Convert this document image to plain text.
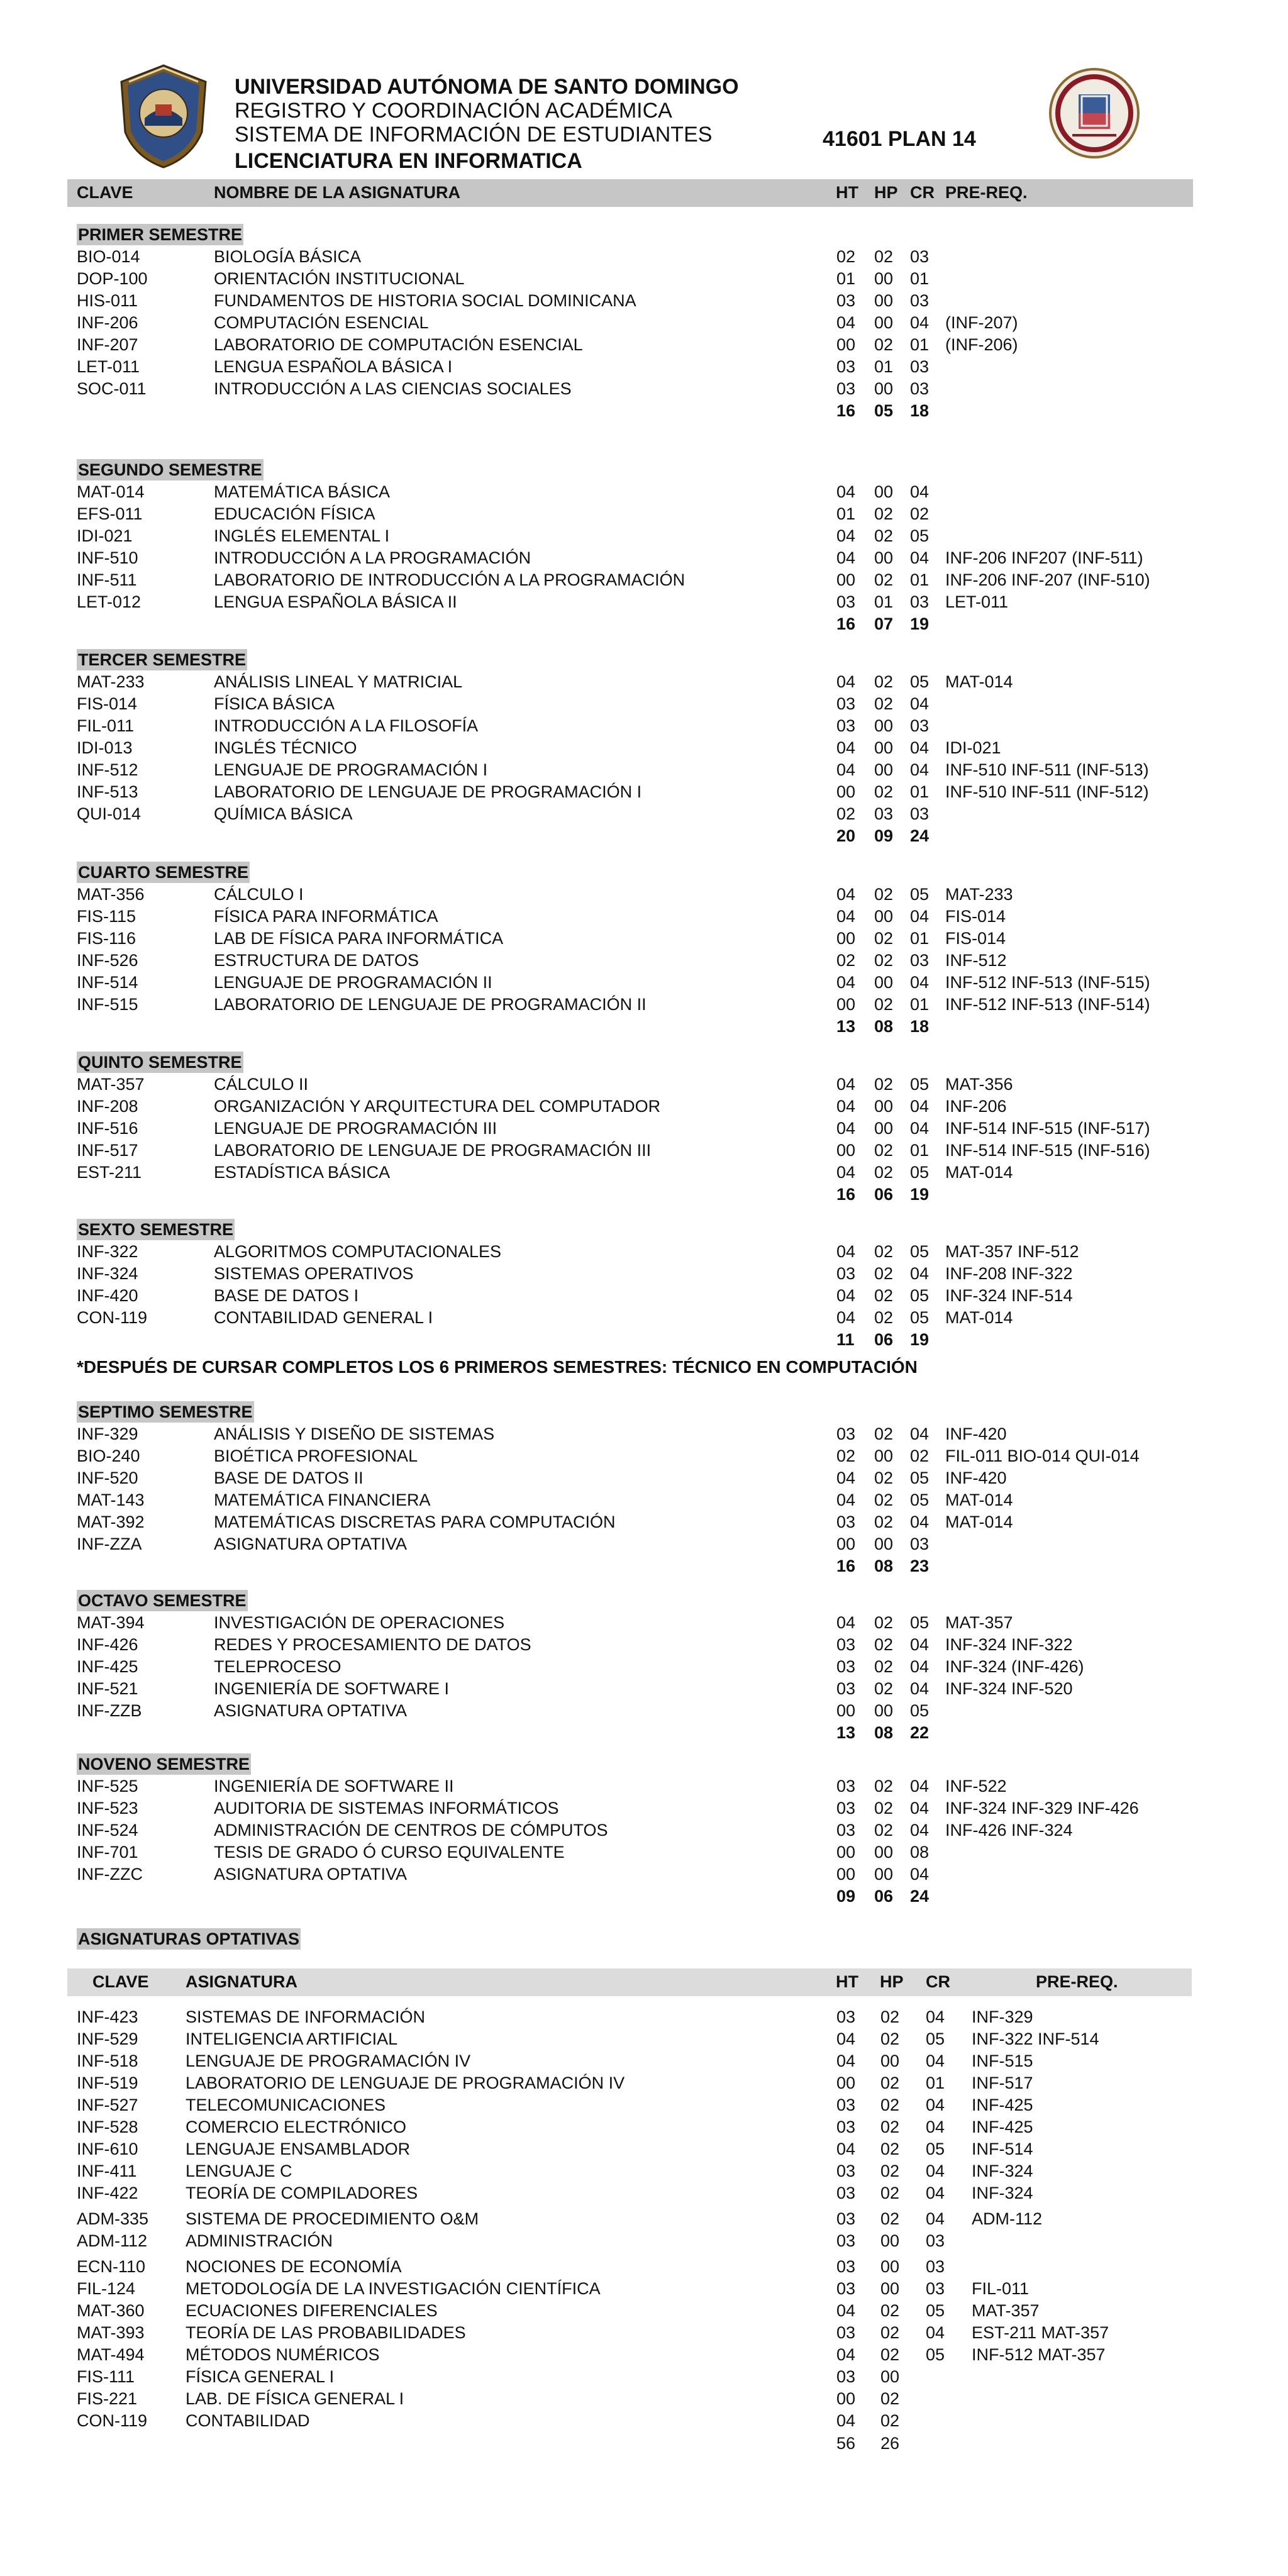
UNIVERSIDAD AUTÓNOMA DE SANTO DOMINGO
REGISTRO Y COORDINACIÓN ACADÉMICA
SISTEMA DE INFORMACIÓN DE ESTUDIANTES
LICENCIATURA EN INFORMATICA
41601 PLAN 14
CLAVE	NOMBRE DE LA ASIGNATURA	HT HP CR PRE-REQ.
PRIMER SEMESTRE
BIO-014	BIOLOGÍA BÁSICA	02 02 03
DOP-100	ORIENTACIÓN INSTITUCIONAL	01 00 01
HIS-011	FUNDAMENTOS DE HISTORIA SOCIAL DOMINICANA	03 00 03
INF-206	COMPUTACIÓN ESENCIAL	04 00 04 (INF-207)
INF-207	LABORATORIO DE COMPUTACIÓN ESENCIAL	00 02 01 (INF-206)
LET-011	LENGUA ESPAÑOLA BÁSICA I	03 01 03
SOC-011	INTRODUCCIÓN A LAS CIENCIAS SOCIALES	03 00 03
16 05 18
SEGUNDO SEMESTRE
MAT-014	MATEMÁTICA BÁSICA	04 00 04
EFS-011	EDUCACIÓN FÍSICA	01 02 02
IDI-021	INGLÉS ELEMENTAL I	04 02 05
INF-510	INTRODUCCIÓN A LA PROGRAMACIÓN	04 00 04 INF-206 INF207 (INF-511)
INF-511	LABORATORIO DE INTRODUCCIÓN A LA PROGRAMACIÓN	00 02 01 INF-206 INF-207 (INF-510)
LET-012	LENGUA ESPAÑOLA BÁSICA II	03 01 03 LET-011
16 07 19
TERCER SEMESTRE
MAT-233	ANÁLISIS LINEAL Y MATRICIAL	04 02 05 MAT-014
FIS-014	FÍSICA BÁSICA	03 02 04
FIL-011	INTRODUCCIÓN A LA FILOSOFÍA	03 00 03
IDI-013	INGLÉS TÉCNICO	04 00 04 IDI-021
INF-512	LENGUAJE DE PROGRAMACIÓN I	04 00 04 INF-510 INF-511 (INF-513)
INF-513	LABORATORIO DE LENGUAJE DE PROGRAMACIÓN I	00 02 01 INF-510 INF-511 (INF-512)
QUI-014	QUÍMICA BÁSICA	02 03 03
20 09 24
CUARTO SEMESTRE
MAT-356	CÁLCULO I	04 02 05 MAT-233
FIS-115	FÍSICA PARA INFORMÁTICA	04 00 04 FIS-014
FIS-116	LAB DE FÍSICA PARA INFORMÁTICA	00 02 01 FIS-014
INF-526	ESTRUCTURA DE DATOS	02 02 03 INF-512
INF-514	LENGUAJE DE PROGRAMACIÓN II	04 00 04 INF-512 INF-513 (INF-515)
INF-515	LABORATORIO DE LENGUAJE DE PROGRAMACIÓN II	00 02 01 INF-512 INF-513 (INF-514)
13 08 18
QUINTO SEMESTRE
MAT-357	CÁLCULO II	04 02 05 MAT-356
INF-208	ORGANIZACIÓN Y ARQUITECTURA DEL COMPUTADOR	04 00 04 INF-206
INF-516	LENGUAJE DE PROGRAMACIÓN III	04 00 04 INF-514 INF-515 (INF-517)
INF-517	LABORATORIO DE LENGUAJE DE PROGRAMACIÓN III	00 02 01 INF-514 INF-515 (INF-516)
EST-211	ESTADÍSTICA BÁSICA	04 02 05 MAT-014
16 06 19
SEXTO SEMESTRE
INF-322	ALGORITMOS COMPUTACIONALES	04 02 05 MAT-357 INF-512
INF-324	SISTEMAS OPERATIVOS	03 02 04 INF-208 INF-322
INF-420	BASE DE DATOS I	04 02 05 INF-324 INF-514
CON-119	CONTABILIDAD GENERAL I	04 02 05 MAT-014
11 06 19
SEPTIMO SEMESTRE
INF-329	ANÁLISIS Y DISEÑO DE SISTEMAS	03 02 04 INF-420
BIO-240	BIOÉTICA PROFESIONAL	02 00 02 FIL-011 BIO-014 QUI-014
INF-520	BASE DE DATOS II	04 02 05 INF-420
MAT-143	MATEMÁTICA FINANCIERA	04 02 05 MAT-014
MAT-392	MATEMÁTICAS DISCRETAS PARA COMPUTACIÓN	03 02 04 MAT-014
INF-ZZA	ASIGNATURA OPTATIVA	00 00 03
16 08 23
OCTAVO SEMESTRE
MAT-394	INVESTIGACIÓN DE OPERACIONES	04 02 05 MAT-357
INF-426	REDES Y PROCESAMIENTO DE DATOS	03 02 04 INF-324 INF-322
INF-425	TELEPROCESO	03 02 04 INF-324 (INF-426)
INF-521	INGENIERÍA DE SOFTWARE I	03 02 04 INF-324 INF-520
INF-ZZB	ASIGNATURA OPTATIVA	00 00 05
13 08 22
NOVENO SEMESTRE
INF-525	INGENIERÍA DE SOFTWARE II	03 02 04 INF-522
INF-523	AUDITORIA DE SISTEMAS INFORMÁTICOS	03 02 04 INF-324 INF-329 INF-426
INF-524	ADMINISTRACIÓN DE CENTROS DE CÓMPUTOS	03 02 04 INF-426 INF-324
INF-701	TESIS DE GRADO Ó CURSO EQUIVALENTE	00 00 08
INF-ZZC	ASIGNATURA OPTATIVA	00 00 04
09 06 24
*DESPUÉS DE CURSAR COMPLETOS LOS 6 PRIMEROS SEMESTRES: TÉCNICO EN COMPUTACIÓN
ASIGNATURAS OPTATIVAS
CLAVE ASIGNATURA	HT HP CR	PRE-REQ.
INF-423	SISTEMAS DE INFORMACIÓN	03 02 04 INF-329
INF-529	INTELIGENCIA ARTIFICIAL	04 02 05 INF-322 INF-514
INF-518	LENGUAJE DE PROGRAMACIÓN IV	04 00 04 INF-515
INF-519	LABORATORIO DE LENGUAJE DE PROGRAMACIÓN IV	00 02 01 INF-517
INF-527	TELECOMUNICACIONES	03 02 04 INF-425
INF-528	COMERCIO ELECTRÓNICO	03 02 04 INF-425
INF-610	LENGUAJE ENSAMBLADOR	04 02 05 INF-514
INF-411	LENGUAJE C	03 02 04 INF-324
INF-422	TEORÍA DE COMPILADORES	03 02 04 INF-324
ADM-335 SISTEMA DE PROCEDIMIENTO O&M	03 02 04 ADM-112
ADM-112 ADMINISTRACIÓN	03 00 03
ECN-110 NOCIONES DE ECONOMÍA	03 00 03
FIL-124	METODOLOGÍA DE LA INVESTIGACIÓN CIENTÍFICA	03 00 03 FIL-011
MAT-360 ECUACIONES DIFERENCIALES	04 02 05 MAT-357
MAT-393 TEORÍA DE LAS PROBABILIDADES	03 02 04 EST-211 MAT-357
MAT-494 MÉTODOS NUMÉRICOS	04 02 05 INF-512 MAT-357
FIS-111	FÍSICA GENERAL I	03 00
FIS-221	LAB. DE FÍSICA GENERAL I	00 02
CON-119 CONTABILIDAD	04 02
56 26
